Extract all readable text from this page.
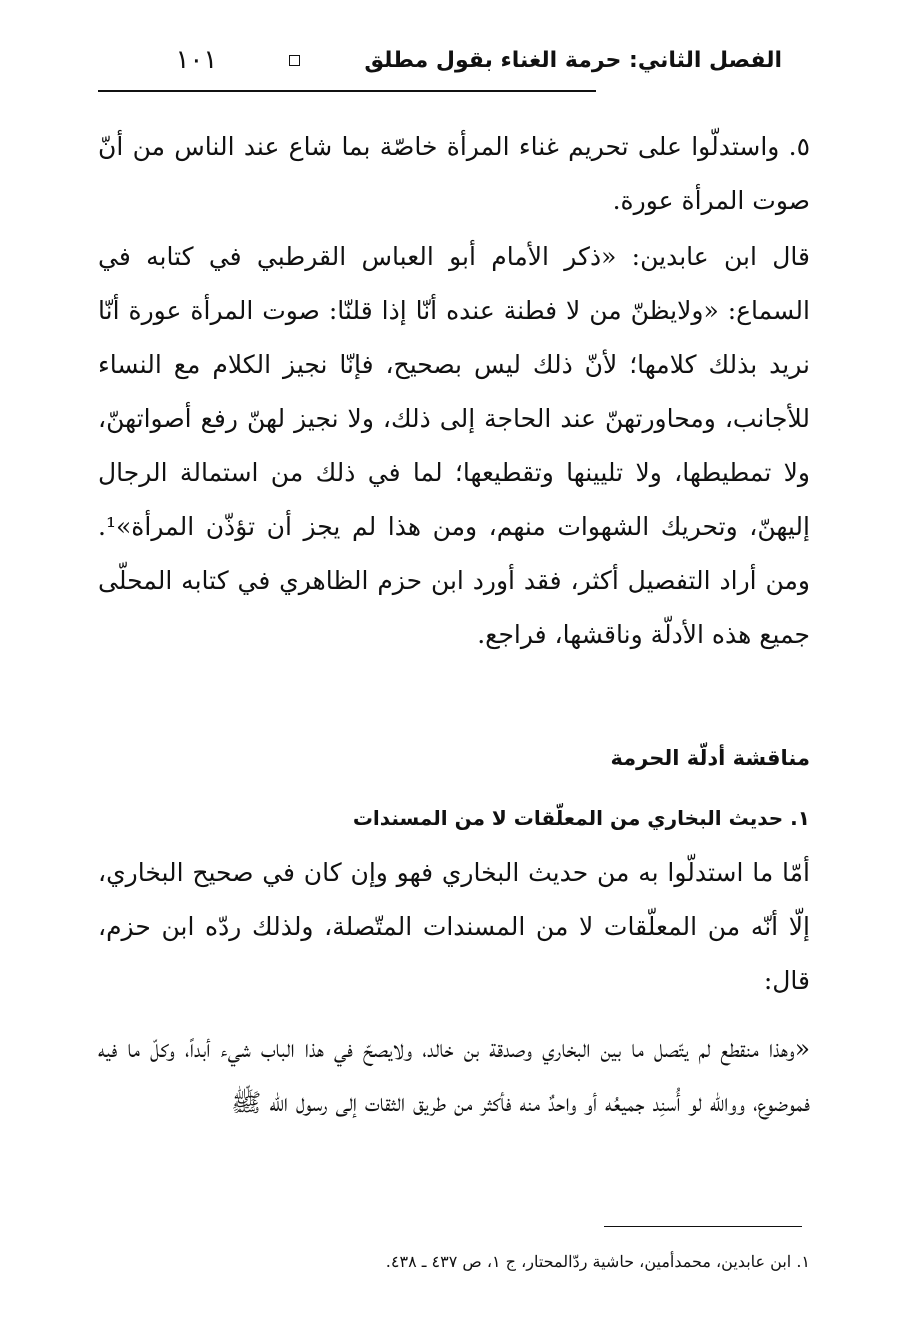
الفصل الثاني: حرمة الغناء بقول مطلق
١٠١

٥. واستدلّوا على تحريم غناء المرأة خاصّة بما شاع عند الناس من أنّ صوت المرأة عورة.

قال ابن عابدين: «ذكر الأمام أبو العباس القرطبي في كتابه في السماع: «ولايظنّ من لا فطنة عنده أنّا إذا قلنّا: صوت المرأة عورة أنّا نريد بذلك كلامها؛ لأنّ ذلك ليس بصحيح، فإنّا نجيز الكلام مع النساء للأجانب، ومحاورتهنّ عند الحاجة إلى ذلك، ولا نجيز لهنّ رفع أصواتهنّ، ولا تمطيطها، ولا تليينها وتقطيعها؛ لما في ذلك من استمالة الرجال إليهنّ، وتحريك الشهوات منهم، ومن هذا لم يجز أن تؤذّن المرأة»¹. ومن أراد التفصيل أكثر، فقد أورد ابن حزم الظاهري في كتابه المحلّى جميع هذه الأدلّة وناقشها، فراجع.

مناقشة أدلّة الحرمة
١. حديث البخاري من المعلّقات لا من المسندات

أمّا ما استدلّوا به من حديث البخاري فهو وإن كان في صحيح البخاري، إلّا أنّه من المعلّقات لا من المسندات المتّصلة، ولذلك ردّه ابن حزم، قال:

«وهذا منقطع لم يتّصل ما بين البخاري وصدقة بن خالد، ولايصحّ في هذا الباب شيء أبداً، وكلّ ما فيه فموضوع، ووالله لو أُسنِد جميعُه أو واحدٌ منه فأكثر من طريق الثقات إلى رسول الله ﷺ

١. ابن عابدين، محمدأمين، حاشية ردّالمحتار، ج ١، ص ٤٣٧ ـ ٤٣٨.
